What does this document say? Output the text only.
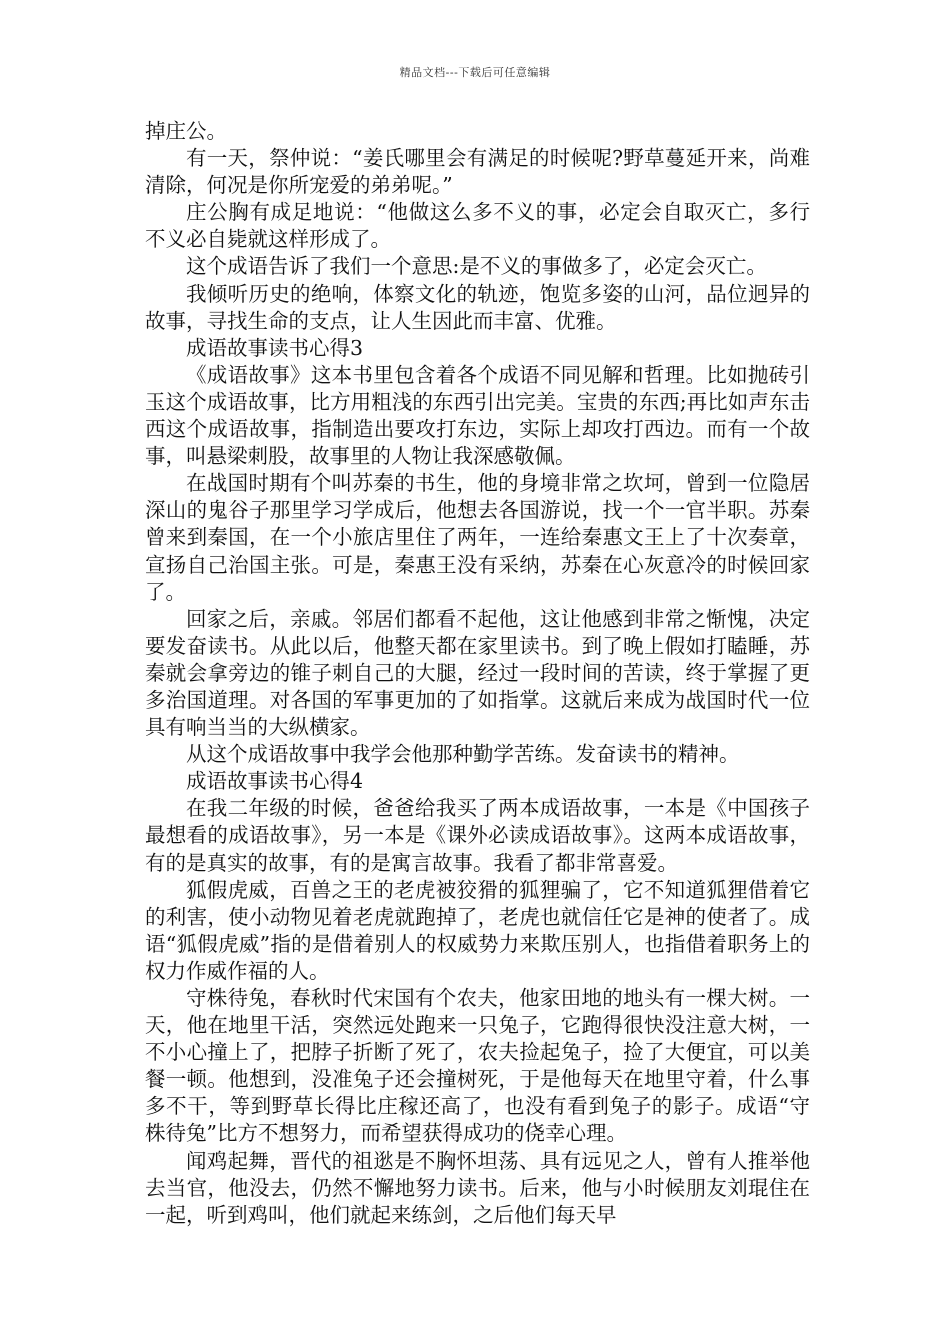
精品文档---下载后可任意编辑

掉庄公。

有一天，祭仲说：“姜氏哪里会有满足的时候呢?野草蔓延开来，尚难清除，何况是你所宠爱的弟弟呢。”

庄公胸有成足地说：“他做这么多不义的事，必定会自取灭亡，多行不义必自毙就这样形成了。

这个成语告诉了我们一个意思:是不义的事做多了，必定会灭亡。

我倾听历史的绝响，体察文化的轨迹，饱览多姿的山河，品位迥异的故事，寻找生命的支点，让人生因此而丰富、优雅。

成语故事读书心得3

《成语故事》这本书里包含着各个成语不同见解和哲理。比如抛砖引玉这个成语故事，比方用粗浅的东西引出完美。宝贵的东西;再比如声东击西这个成语故事，指制造出要攻打东边，实际上却攻打西边。而有一个故事，叫悬梁刺股，故事里的人物让我深感敬佩。

在战国时期有个叫苏秦的书生，他的身境非常之坎坷，曾到一位隐居深山的鬼谷子那里学习学成后，他想去各国游说，找一个一官半职。苏秦曾来到秦国，在一个小旅店里住了两年，一连给秦惠文王上了十次奏章，宣扬自己治国主张。可是，秦惠王没有采纳，苏秦在心灰意冷的时候回家了。

回家之后，亲戚。邻居们都看不起他，这让他感到非常之惭愧，决定要发奋读书。从此以后，他整天都在家里读书。到了晚上假如打瞌睡，苏秦就会拿旁边的锥子刺自己的大腿，经过一段时间的苦读，终于掌握了更多治国道理。对各国的军事更加的了如指掌。这就后来成为战国时代一位具有响当当的大纵横家。

从这个成语故事中我学会他那种勤学苦练。发奋读书的精神。

成语故事读书心得4

在我二年级的时候，爸爸给我买了两本成语故事，一本是《中国孩子最想看的成语故事》，另一本是《课外必读成语故事》。这两本成语故事，有的是真实的故事，有的是寓言故事。我看了都非常喜爱。

狐假虎威，百兽之王的老虎被狡猾的狐狸骗了，它不知道狐狸借着它的利害，使小动物见着老虎就跑掉了，老虎也就信任它是神的使者了。成语“狐假虎威”指的是借着别人的权威势力来欺压别人，也指借着职务上的权力作威作福的人。

守株待兔，春秋时代宋国有个农夫，他家田地的地头有一棵大树。一天，他在地里干活，突然远处跑来一只兔子，它跑得很快没注意大树，一不小心撞上了，把脖子折断了死了，农夫捡起兔子，捡了大便宜，可以美餐一顿。他想到，没准兔子还会撞树死，于是他每天在地里守着，什么事多不干，等到野草长得比庄稼还高了，也没有看到兔子的影子。成语“守株待兔”比方不想努力，而希望获得成功的侥幸心理。

闻鸡起舞，晋代的祖逖是不胸怀坦荡、具有远见之人，曾有人推举他去当官，他没去，仍然不懈地努力读书。后来，他与小时候朋友刘琨住在一起，听到鸡叫，他们就起来练剑，之后他们每天早
